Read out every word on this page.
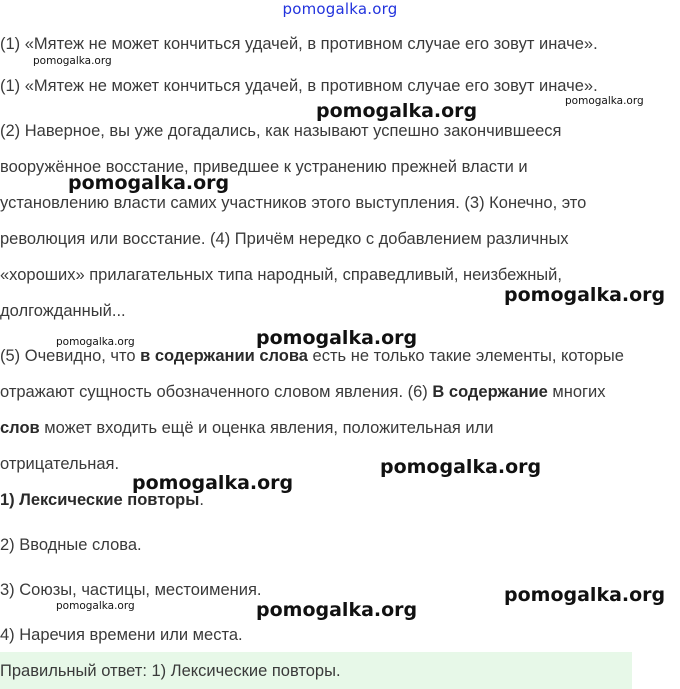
pomogalka.org
(1) «Мятеж не может кончиться удачей, в противном случае его зовут иначе».
(1) «Мятеж не может кончиться удачей, в противном случае его зовут иначе».
(2) Наверное, вы уже догадались, как называют успешно закончившееся
вооружённое восстание, приведшее к устранению прежней власти и
установлению власти самих участников этого выступления. (3) Конечно, это
революция или восстание. (4) Причём нередко с добавлением различных
«хороших» прилагательных типа народный, справедливый, неизбежный,
долгожданный...
(5) Очевидно, что в содержании слова есть не только такие элементы, которые
отражают сущность обозначенного словом явления. (6) В содержание многих
слов может входить ещё и оценка явления, положительная или
отрицательная.
1) Лексические повторы.
2) Вводные слова.
3) Союзы, частицы, местоимения.
4) Наречия времени или места.
Правильный ответ: 1) Лексические повторы.
pomogalka.org
pomogalka.org
pomogalka.org
pomogalka.org
pomogalka.org
pomogalka.org
pomogalka.org
pomogalka.org
pomogalka.org
pomogalka.org
pomogalka.org	pomogalka.org
